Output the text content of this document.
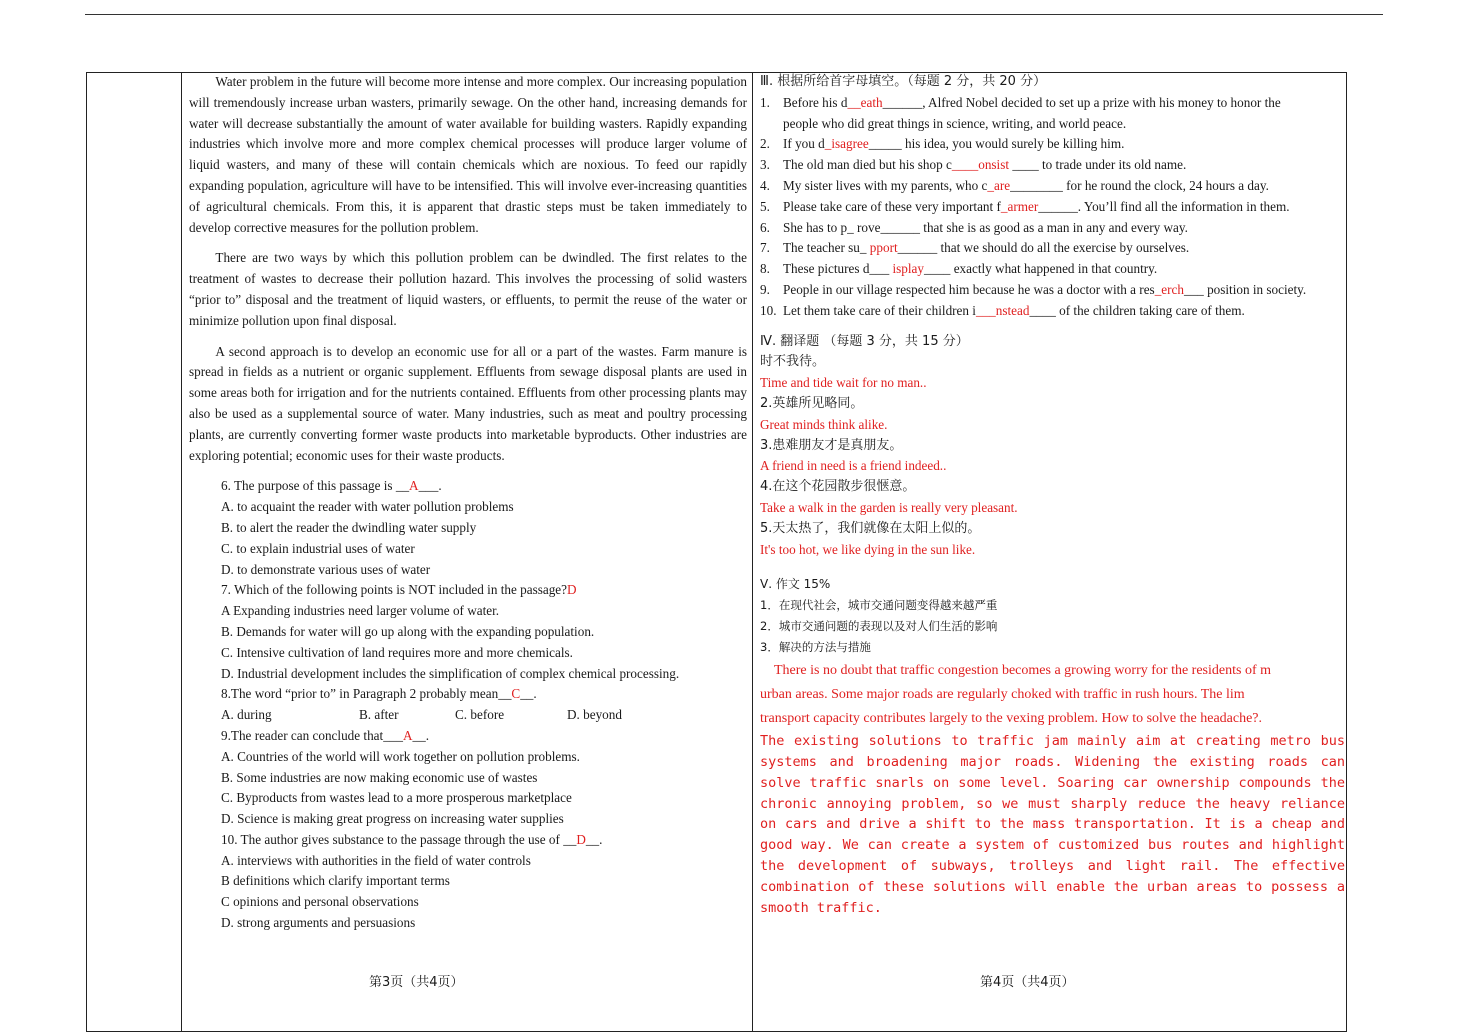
Water problem in the future will become more intense and more complex. Our increasing population will tremendously increase urban wasters, primarily sewage. On the other hand, increasing demands for water will decrease substantially the amount of water available for building wasters. Rapidly expanding industries which involve more and more complex chemical processes will produce larger volume of liquid wasters, and many of these will contain chemicals which are noxious. To feed our rapidly expanding population, agriculture will have to be intensified. This will involve ever-increasing quantities of agricultural chemicals. From this, it is apparent that drastic steps must be taken immediately to develop corrective measures for the pollution problem.

There are two ways by which this pollution problem can be dwindled. The first relates to the treatment of wastes to decrease their pollution hazard. This involves the processing of solid wasters “prior to” disposal and the treatment of liquid wasters, or effluents, to permit the reuse of the water or minimize pollution upon final disposal.

A second approach is to develop an economic use for all or a part of the wastes. Farm manure is spread in fields as a nutrient or organic supplement. Effluents from sewage disposal plants are used in some areas both for irrigation and for the nutrients contained. Effluents from other processing plants may also be used as a supplemental source of water. Many industries, such as meat and poultry processing plants, are currently converting former waste products into marketable byproducts. Other industries are exploring potential; economic uses for their waste products.

6. The purpose of this passage is __A___.

A. to acquaint the reader with water pollution problems

B. to alert the reader the dwindling water supply

C. to explain industrial uses of water

D. to demonstrate various uses of water

7. Which of the following points is NOT included in the passage?D

A Expanding industries need larger volume of water.

B. Demands for water will go up along with the expanding population.

C. Intensive cultivation of land requires more and more chemicals.

D. Industrial development includes the simplification of complex chemical processing.

8.The word “prior to” in Paragraph 2 probably mean__C__.

A. during	B. after	C. before	D. beyond

9.The reader can conclude that___A__.

A. Countries of the world will work together on pollution problems.

B. Some industries are now making economic use of wastes

C. Byproducts from wastes lead to a more prosperous marketplace

D. Science is making great progress on increasing water supplies

10. The author gives substance to the passage through the use of __D__.

A. interviews with authorities in the field of water controls

B definitions which clarify important terms

C opinions and personal observations

D. strong arguments and persuasions

Ⅲ. 根据所给首字母填空。（每题 2 分，共 20 分）

1. Before his d__eath______, Alfred Nobel decided to set up a prize with his money to honor the

people who did great things in science, writing, and world peace.

2. If you d_isagree_____ his idea, you would surely be killing him.

3. The old man died but his shop c____onsist ____ to trade under its old name.

4. My sister lives with my parents, who c_are________ for he round the clock, 24 hours a day.

5. Please take care of these very important f_armer______. You’ll find all the information in them.

6. She has to p_ rove______ that she is as good as a man in any and every way.

7. The teacher su_ pport______ that we should do all the exercise by ourselves.

8. These pictures d___ isplay____ exactly what happened in that country.

9. People in our village respected him because he was a doctor with a res_erch___ position in society.

10. Let them take care of their children i___nstead____ of the children taking care of them.

Ⅳ. 翻译题 （每题 3 分，共 15 分）

时不我待。

Time and tide wait for no man..

2.英雄所见略同。

Great minds think alike.

3.患难朋友才是真朋友。

A friend in need is a friend indeed..

4.在这个花园散步很惬意。

Take a walk in the garden is really very pleasant.

5.天太热了，我们就像在太阳上似的。

It's too hot, we like dying in the sun like.

Ⅴ. 作文 15%

1．在现代社会，城市交通问题变得越来越严重

2．城市交通问题的表现以及对人们生活的影响

3．解决的方法与措施

There is no doubt that traffic congestion becomes a growing worry for the residents of m

urban areas. Some major roads are regularly choked with traffic in rush hours. The lim

transport capacity contributes largely to the vexing problem. How to solve the headache?.

The existing solutions to traffic jam mainly aim at creating metro bus systems and broadening major roads. Widening the existing roads can solve traffic snarls on some level. Soaring car ownership compounds the chronic annoying problem, so we must sharply reduce the heavy reliance on cars and drive a shift to the mass transportation. It is a cheap and good way. We can create a system of customized bus routes and highlight the development of subways, trolleys and light rail. The effective combination of these solutions will enable the urban areas to possess a smooth traffic.

第3页（共4页）	第4页（共4页）
